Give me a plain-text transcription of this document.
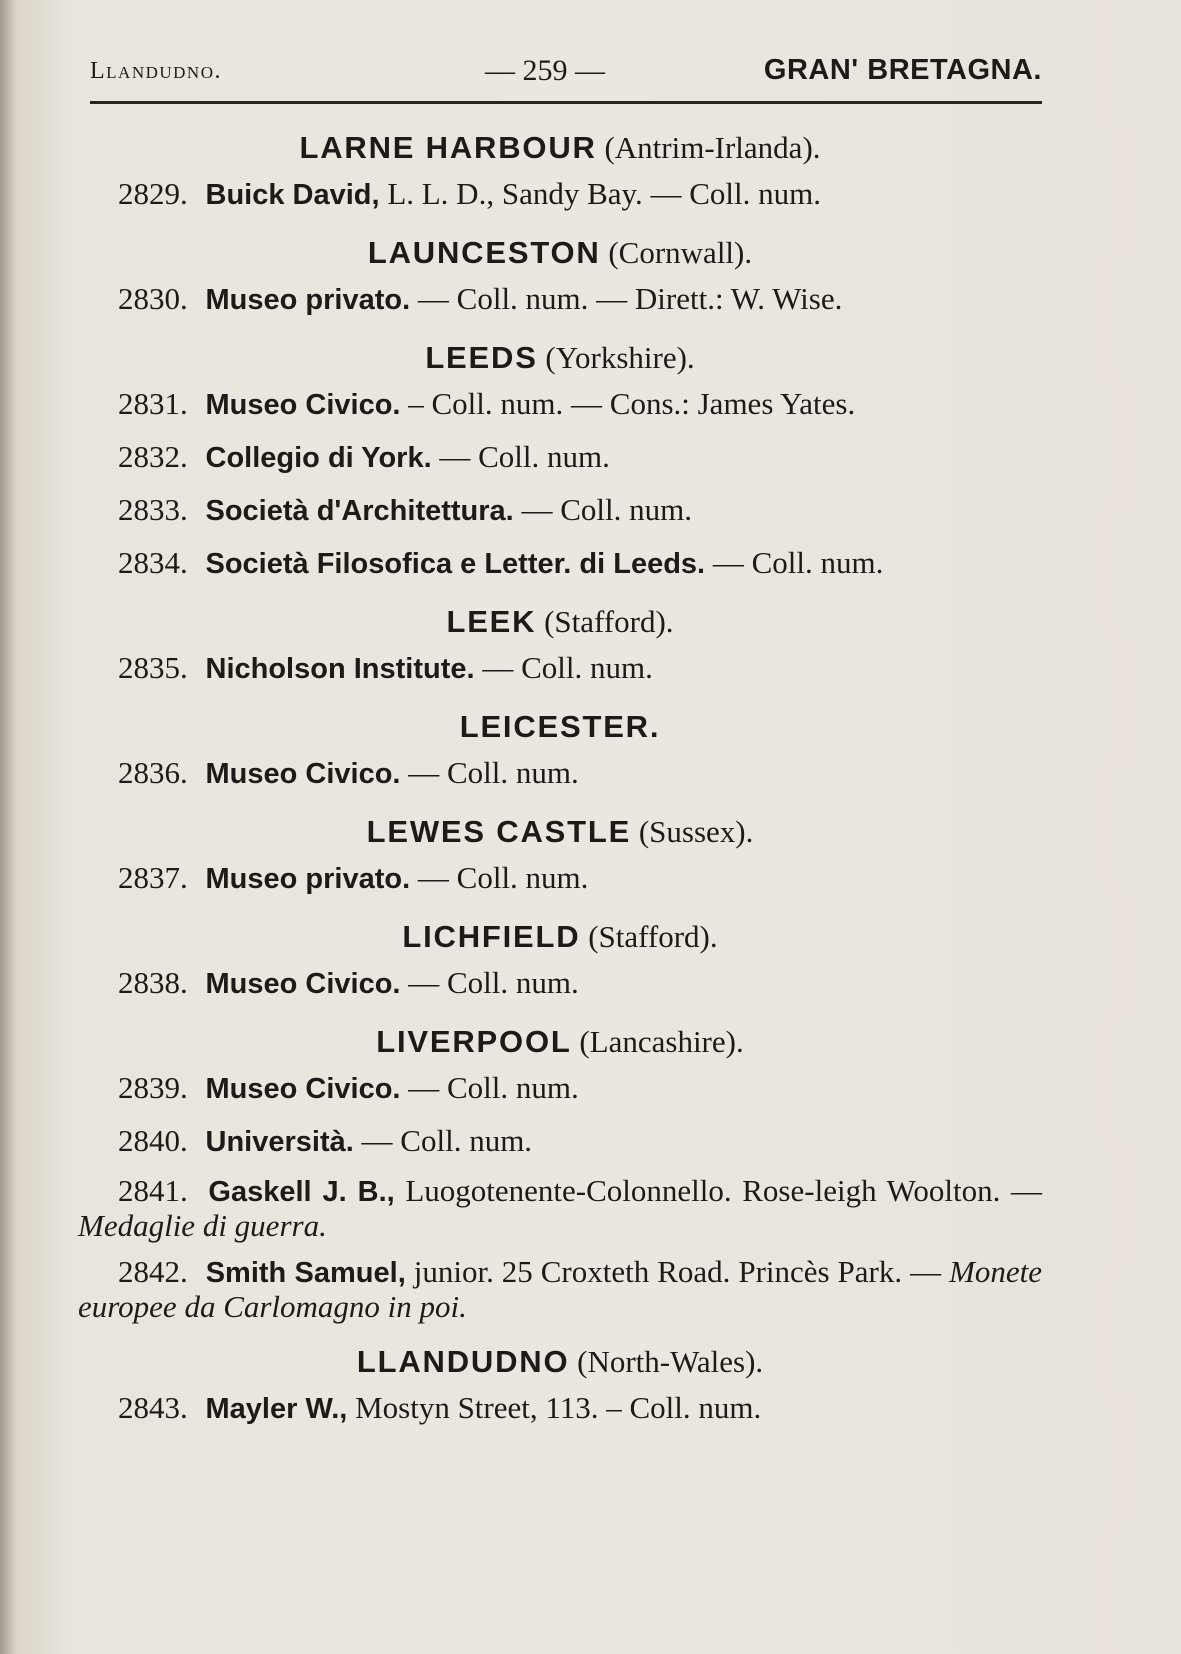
Llandudno.	— 259 —	GRAN' BRETAGNA.
LARNE HARBOUR (Antrim-Irlanda).
2829. Buick David, L. L. D., Sandy Bay. — Coll. num.
LAUNCESTON (Cornwall).
2830. Museo privato. — Coll. num. — Dirett.: W. Wise.
LEEDS (Yorkshire).
2831. Museo Civico. – Coll. num. — Cons.: James Yates.
2832. Collegio di York. — Coll. num.
2833. Società d'Architettura. — Coll. num.
2834. Società Filosofica e Letter. di Leeds. — Coll. num.
LEEK (Stafford).
2835. Nicholson Institute. — Coll. num.
LEICESTER.
2836. Museo Civico. — Coll. num.
LEWES CASTLE (Sussex).
2837. Museo privato. — Coll. num.
LICHFIELD (Stafford).
2838. Museo Civico. — Coll. num.
LIVERPOOL (Lancashire).
2839. Museo Civico. — Coll. num.
2840. Università. — Coll. num.
2841. Gaskell J. B., Luogotenente-Colonnello. Rose-leigh Woolton. — Medaglie di guerra.
2842. Smith Samuel, junior. 25 Croxteth Road. Princès Park. — Monete europee da Carlomagno in poi.
LLANDUDNO (North-Wales).
2843. Mayler W., Mostyn Street, 113. – Coll. num.
